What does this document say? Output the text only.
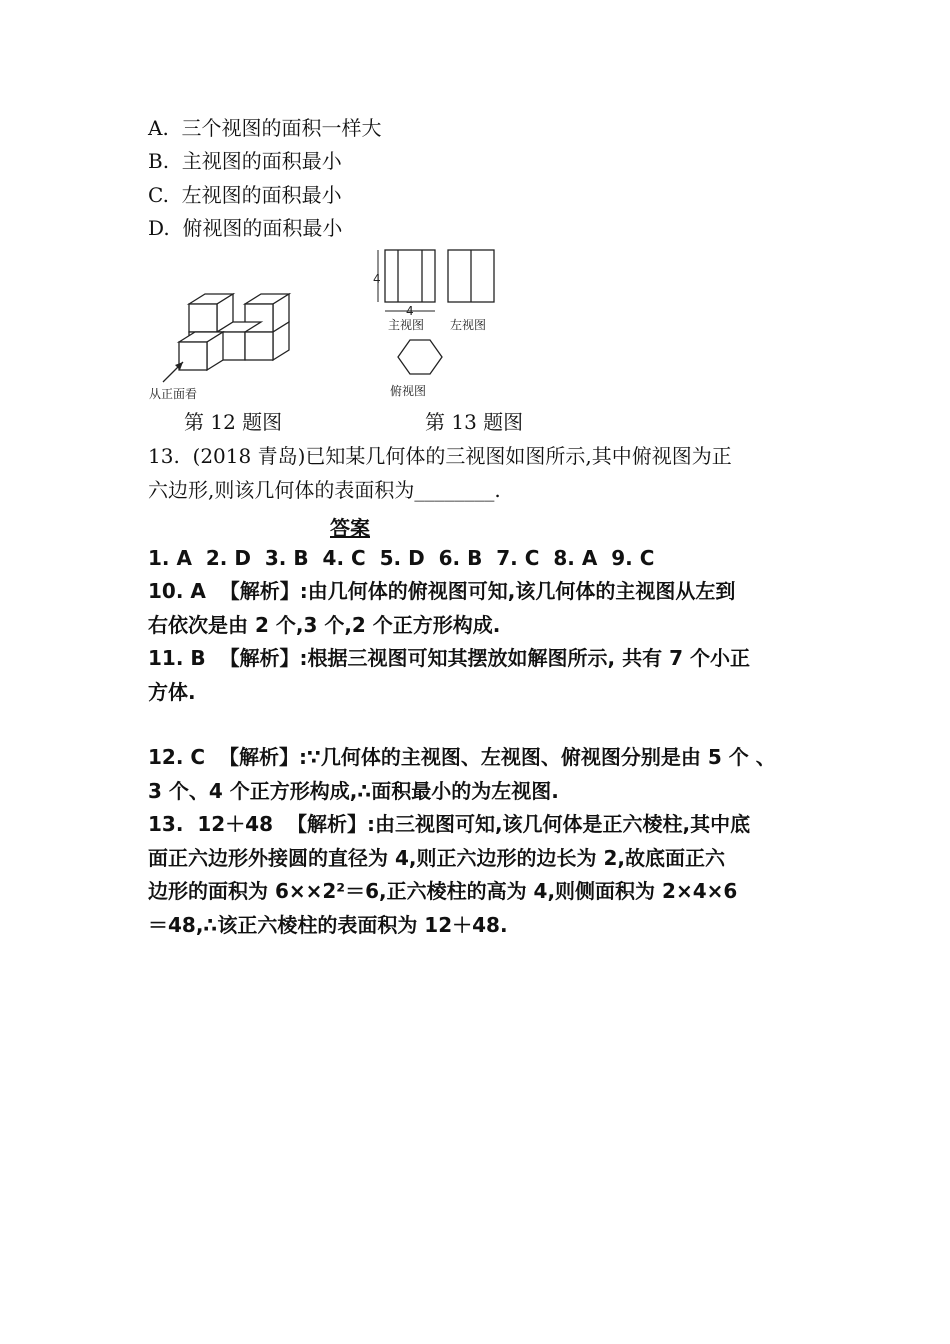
A.  三个视图的面积一样大
B.  主视图的面积最小
C.  左视图的面积最小
D.  俯视图的面积最小
从正面看
4
4
主视图 左视图
俯视图
第 12 题图	第 13 题图
13.  (2018 青岛)已知某几何体的三视图如图所示,其中俯视图为正
六边形,则该几何体的表面积为________.
答案
1. A  2. D  3. B  4. C  5. D  6. B  7. C  8. A  9. C
10. A  【解析】:由几何体的俯视图可知,该几何体的主视图从左到
右依次是由 2 个,3 个,2 个正方形构成.
11. B  【解析】:根据三视图可知其摆放如解图所示, 共有 7 个小正
方体.
12. C  【解析】:∵几何体的主视图、左视图、俯视图分别是由 5 个 、
3 个、4 个正方形构成,∴面积最小的为左视图.
13.  12＋48  【解析】:由三视图可知,该几何体是正六棱柱,其中底
面正六边形外接圆的直径为 4,则正六边形的边长为 2,故底面正六
边形的面积为 6××2²＝6,正六棱柱的高为 4,则侧面积为 2×4×6
＝48,∴该正六棱柱的表面积为 12＋48.
